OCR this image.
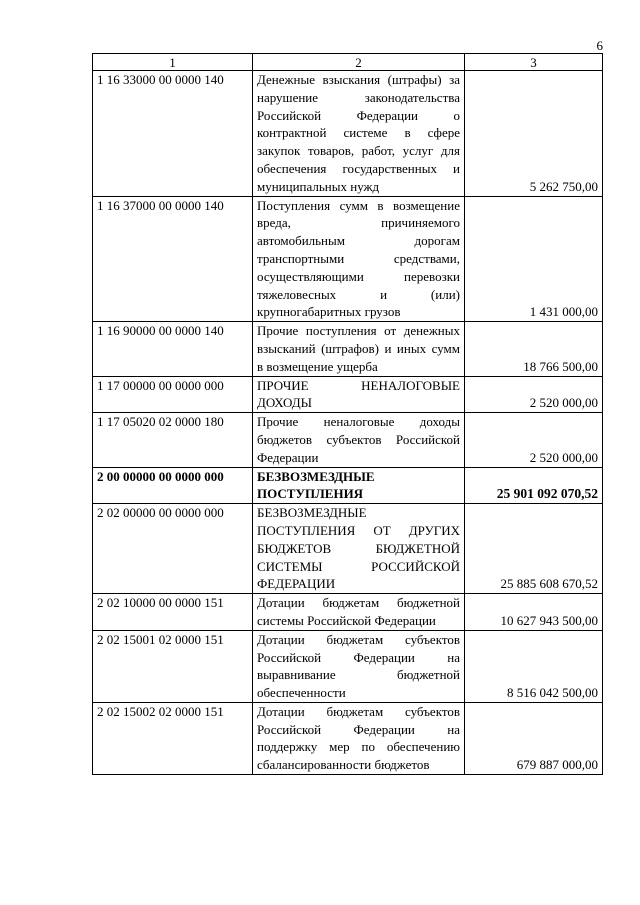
6
1	2	3
1 16 33000 00 0000 140	Денежные взыскания (штрафы) за нарушение законодательства Российской Федерации о контрактной системе в сфере закупок товаров, работ, услуг для обеспечения государственных и муниципальных нужд	5 262 750,00
1 16 37000 00 0000 140	Поступления сумм в возмещение вреда, причиняемого автомобильным дорогам транспортными средствами, осуществляющими перевозки тяжеловесных и (или) крупногабаритных грузов	1 431 000,00
1 16 90000 00 0000 140	Прочие поступления от денежных взысканий (штрафов) и иных сумм в возмещение ущерба	18 766 500,00
1 17 00000 00 0000 000	ПРОЧИЕ НЕНАЛОГОВЫЕ ДОХОДЫ	2 520 000,00
1 17 05020 02 0000 180	Прочие неналоговые доходы бюджетов субъектов Российской Федерации	2 520 000,00
2 00 00000 00 0000 000	БЕЗВОЗМЕЗДНЫЕ ПОСТУПЛЕНИЯ	25 901 092 070,52
2 02 00000 00 0000 000	БЕЗВОЗМЕЗДНЫЕ ПОСТУПЛЕНИЯ ОТ ДРУГИХ БЮДЖЕТОВ БЮДЖЕТНОЙ СИСТЕМЫ РОССИЙСКОЙ ФЕДЕРАЦИИ	25 885 608 670,52
2 02 10000 00 0000 151	Дотации бюджетам бюджетной системы Российской Федерации	10 627 943 500,00
2 02 15001 02 0000 151	Дотации бюджетам субъектов Российской Федерации на выравнивание бюджетной обеспеченности	8 516 042 500,00
2 02 15002 02 0000 151	Дотации бюджетам субъектов Российской Федерации на поддержку мер по обеспечению сбалансированности бюджетов	679 887 000,00
